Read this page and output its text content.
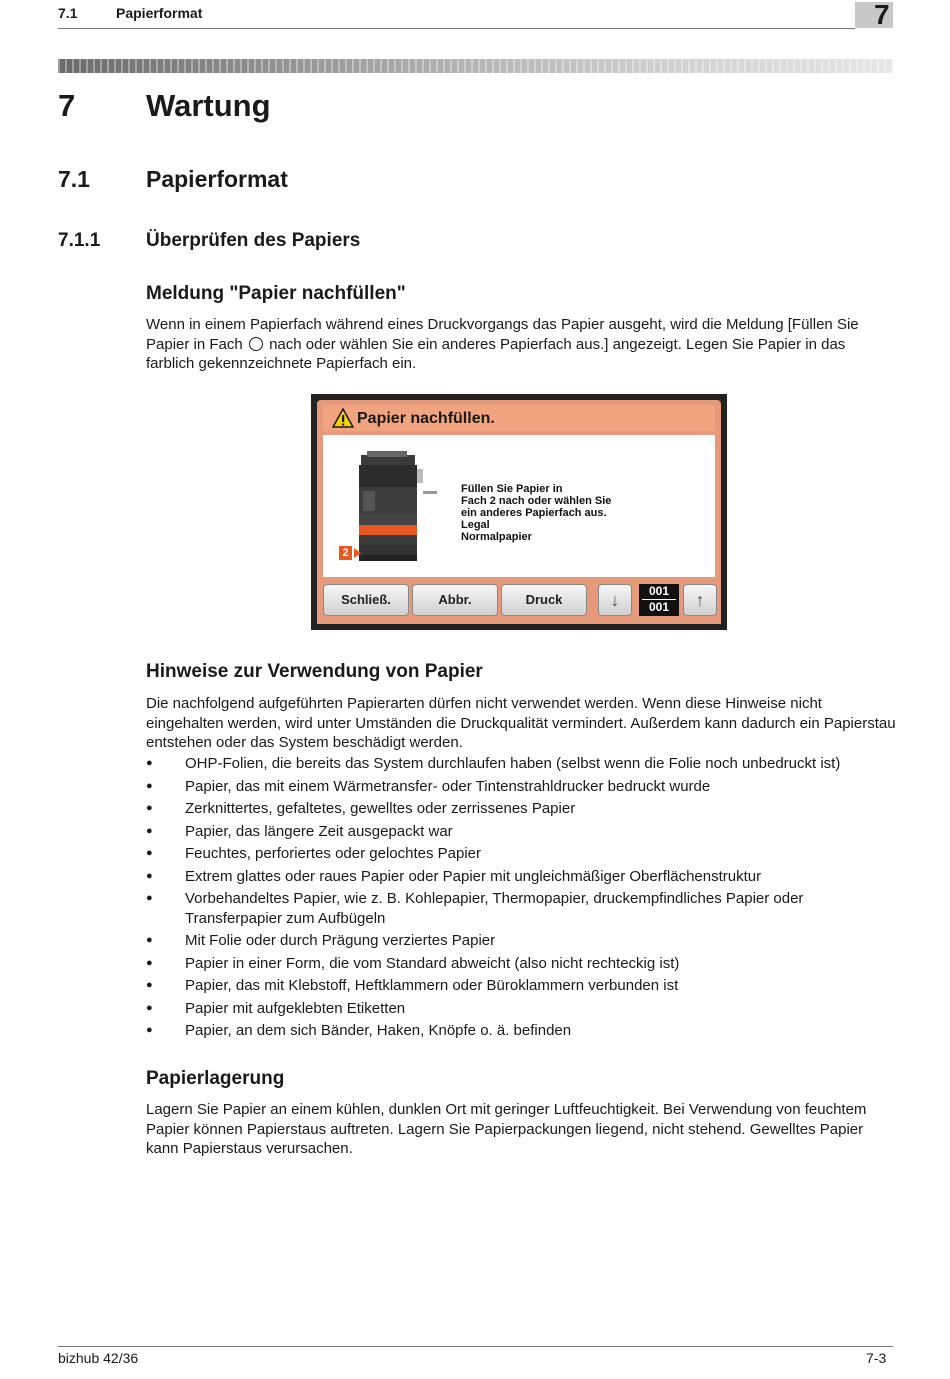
7.1	Papierformat	7
7 Wartung
7.1 Papierformat
7.1.1 Überprüfen des Papiers
Meldung "Papier nachfüllen"

Wenn in einem Papierfach während eines Druckvorgangs das Papier ausgeht, wird die Meldung [Füllen Sie
Papier in Fach nach oder wählen Sie ein anderes Papierfach aus.] angezeigt. Legen Sie Papier in das
farblich gekennzeichnete Papierfach ein.

Papier nachfüllen.
2
Füllen Sie Papier in
Fach 2 nach oder wählen Sie
ein anderes Papierfach aus.
Legal
Normalpapier
Schließ.	Abbr.	Druck	↓	001
001	↑
Hinweise zur Verwendung von Papier

Die nachfolgend aufgeführten Papierarten dürfen nicht verwendet werden. Wenn diese Hinweise nicht eingehalten werden, wird unter Umständen die Druckqualität vermindert. Außerdem kann dadurch ein Papierstau entstehen oder das System beschädigt werden.

● OHP-Folien, die bereits das System durchlaufen haben (selbst wenn die Folie noch unbedruckt ist)
● Papier, das mit einem Wärmetransfer- oder Tintenstrahldrucker bedruckt wurde
● Zerknittertes, gefaltetes, gewelltes oder zerrissenes Papier
● Papier, das längere Zeit ausgepackt war
● Feuchtes, perforiertes oder gelochtes Papier
● Extrem glattes oder raues Papier oder Papier mit ungleichmäßiger Oberflächenstruktur
● Vorbehandeltes Papier, wie z. B. Kohlepapier, Thermopapier, druckempfindliches Papier oder Transferpapier zum Aufbügeln
● Mit Folie oder durch Prägung verziertes Papier
● Papier in einer Form, die vom Standard abweicht (also nicht rechteckig ist)
● Papier, das mit Klebstoff, Heftklammern oder Büroklammern verbunden ist
● Papier mit aufgeklebten Etiketten
● Papier, an dem sich Bänder, Haken, Knöpfe o. ä. befinden
Papierlagerung

Lagern Sie Papier an einem kühlen, dunklen Ort mit geringer Luftfeuchtigkeit. Bei Verwendung von feuchtem Papier können Papierstaus auftreten. Lagern Sie Papierpackungen liegend, nicht stehend. Gewelltes Papier kann Papierstaus verursachen.

bizhub 42/36	7-3
